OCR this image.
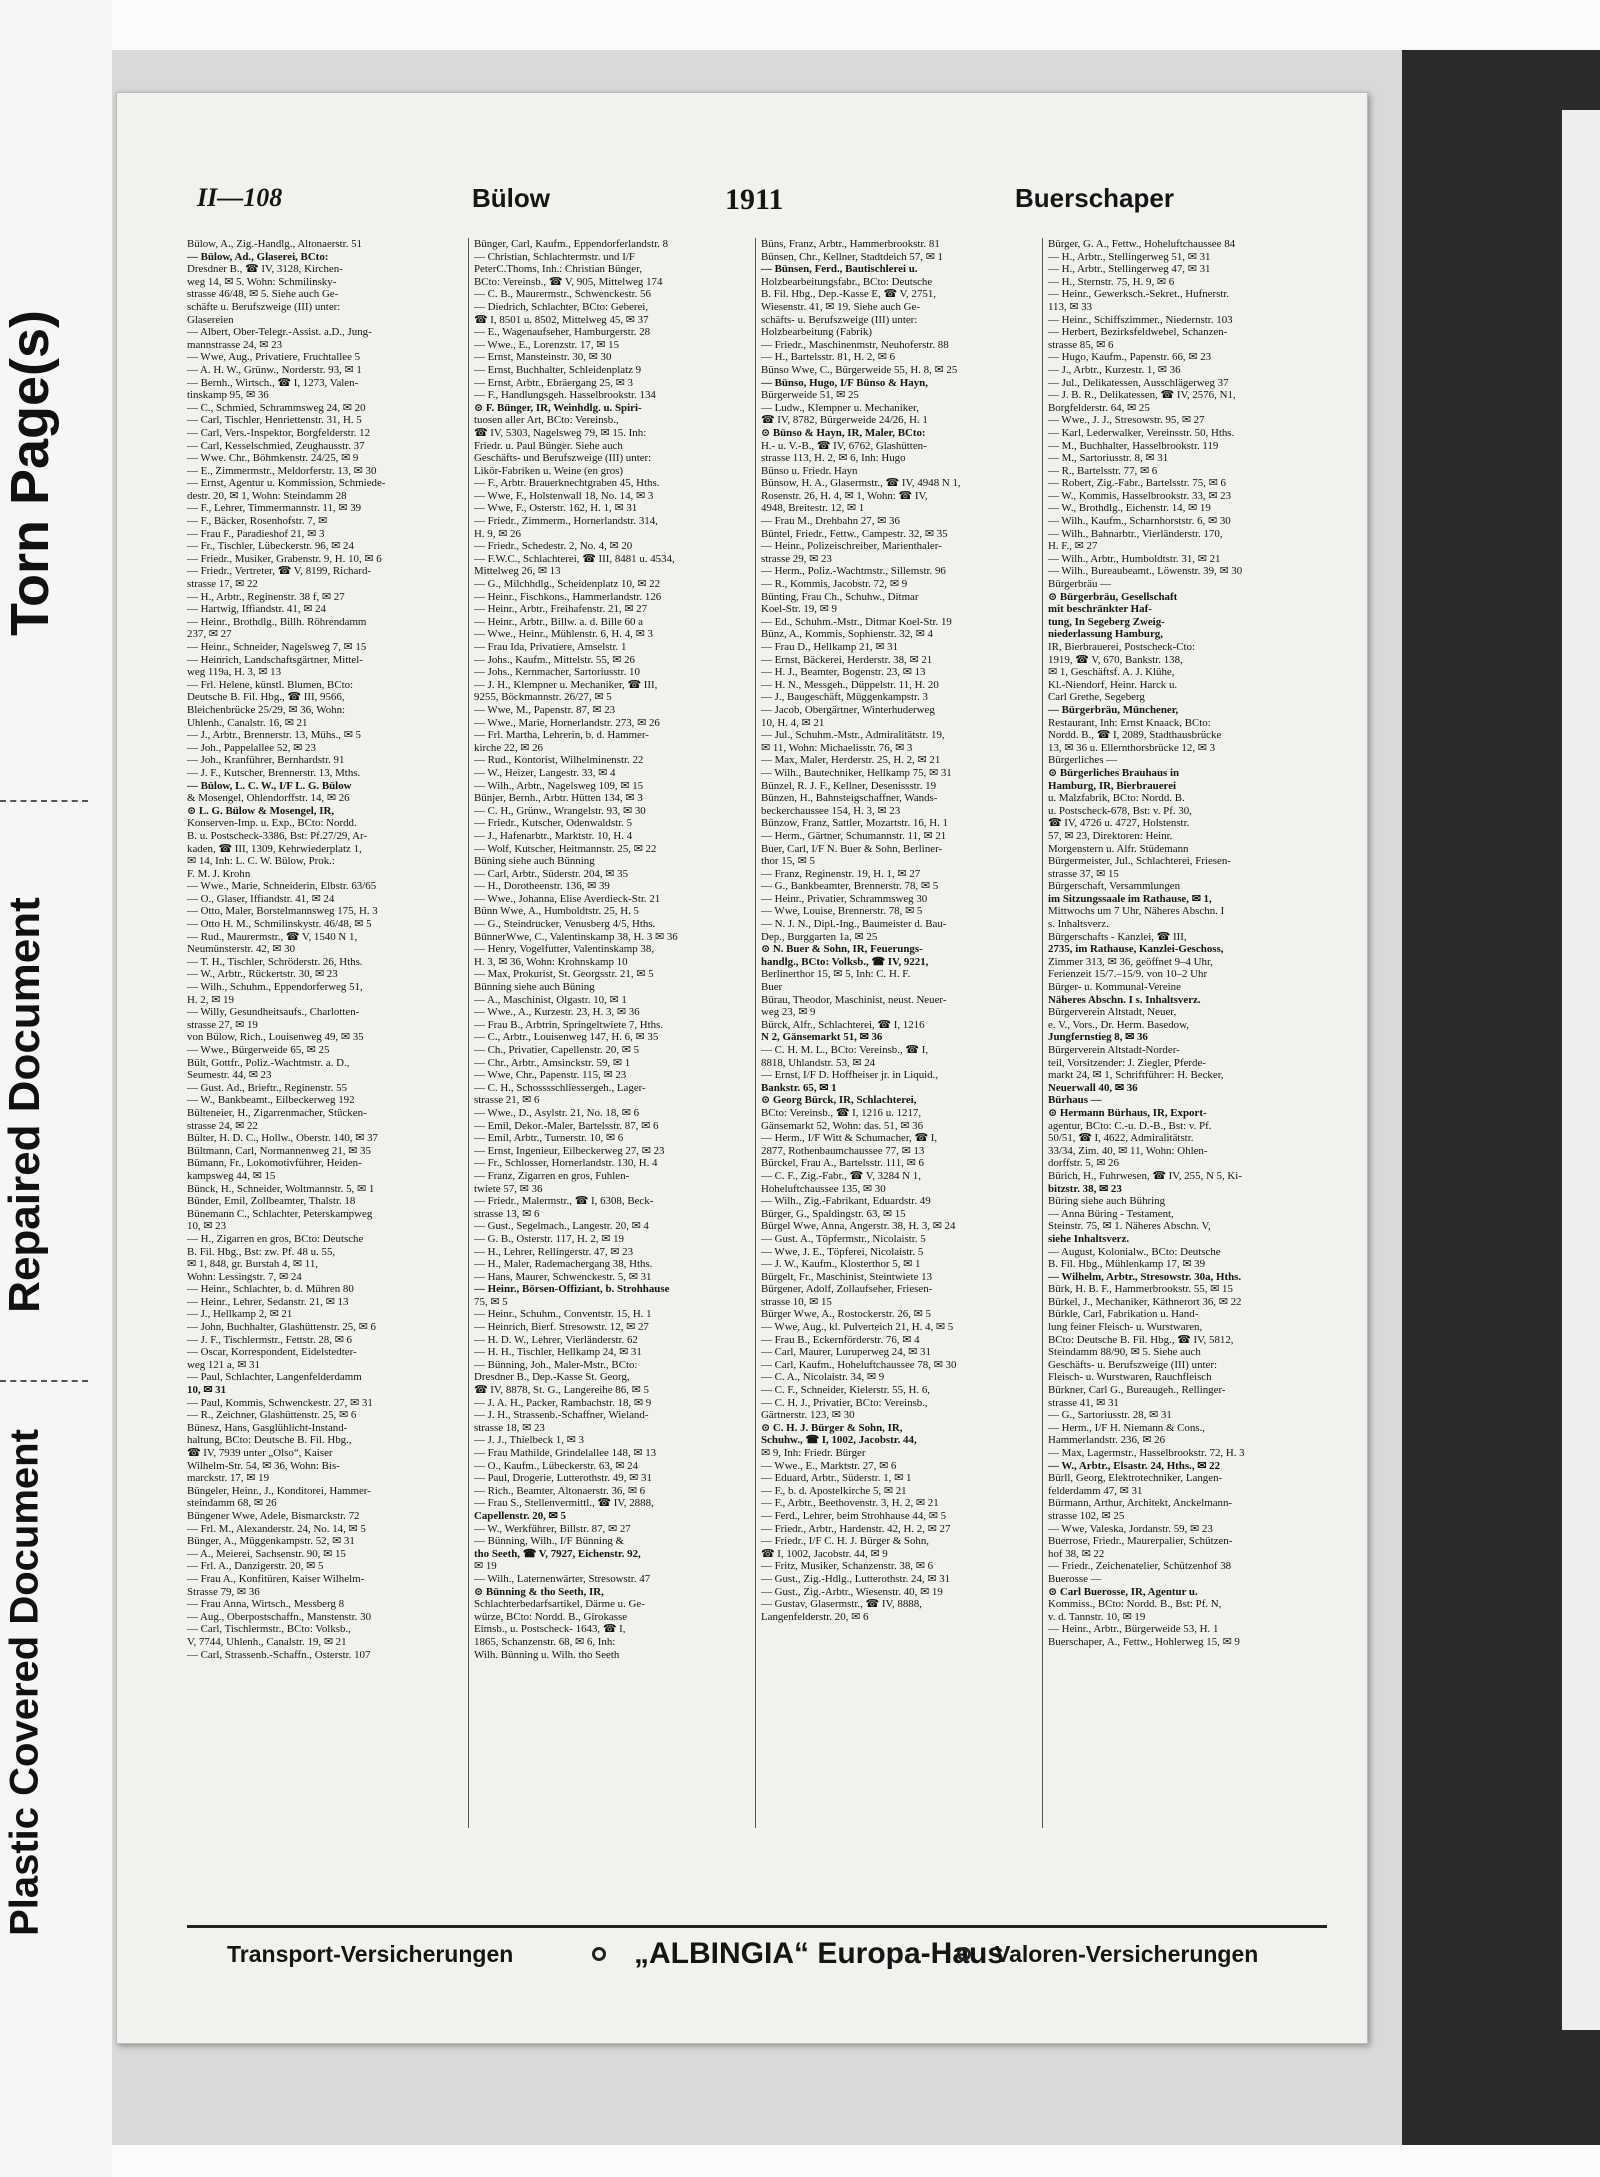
Torn Page(s)
Repaired Document
Plastic Covered Document
II—108	Bülow	1911	Buerschaper

Bülow, A., Zig.-Handlg., Altonaerstr. 51

— Bülow, Ad., Glaserei, BCto:

Dresdner B., ☎ IV, 3128, Kirchen-

weg 14, ✉ 5. Wohn: Schmilinsky-

strasse 46/48, ✉ 5. Siehe auch Ge-

schäfte u. Berufszweige (III) unter:

Glasereien

— Albert, Ober-Telegr.-Assist. a.D., Jung-

mannstrasse 24, ✉ 23

— Wwe, Aug., Privatiere, Fruchtallee 5

— A. H. W., Grünw., Norderstr. 93, ✉ 1

— Bernh., Wirtsch., ☎ I, 1273, Valen-

tinskamp 95, ✉ 36

— C., Schmied, Schrammsweg 24, ✉ 20

— Carl, Tischler, Henriettenstr. 31, H. 5

— Carl, Vers.-Inspektor, Borgfelderstr. 12

— Carl, Kesselschmied, Zeughausstr. 37

— Wwe. Chr., Böhmkenstr. 24/25, ✉ 9

— E., Zimmermstr., Meldorferstr. 13, ✉ 30

— Ernst, Agentur u. Kommission, Schmiede-

destr. 20, ✉ 1, Wohn: Steindamm 28

— F., Lehrer, Timmermannstr. 11, ✉ 39

— F., Bäcker, Rosenhofstr. 7, ✉

— Frau F., Paradieshof 21, ✉ 3

— Fr., Tischler, Lübeckerstr. 96, ✉ 24

— Friedr., Musiker, Grabenstr. 9, H. 10, ✉ 6

— Friedr., Vertreter, ☎ V, 8199, Richard-

strasse 17, ✉ 22

— H., Arbtr., Reginenstr. 38 f, ✉ 27

— Hartwig, Iffiandstr. 41, ✉ 24

— Heinr., Brothdlg., Billh. Röhrendamm

237, ✉ 27

— Heinr., Schneider, Nagelsweg 7, ✉ 15

— Heinrich, Landschaftsgärtner, Mittel-

weg 119a, H. 3, ✉ 13

— Frl. Helene, künstl. Blumen, BCto:

Deutsche B. Fil. Hbg., ☎ III, 9566,

Bleichenbrücke 25/29, ✉ 36, Wohn:

Uhlenh., Canalstr. 16, ✉ 21

— J., Arbtr., Brennerstr. 13, Mühs., ✉ 5

— Joh., Pappelallee 52, ✉ 23

— Joh., Kranführer, Bernhardstr. 91

— J. F., Kutscher, Brennerstr. 13, Mths.

— Bülow, L. C. W., I/F L. G. Bülow

& Mosengel, Ohlendorffstr. 14, ✉ 26

⊙ L. G. Bülow & Mosengel, IR,

Konserven-Imp. u. Exp., BCto: Nordd.

B. u. Postscheck-3386, Bst: Pf.27/29, Ar-

kaden, ☎ III, 1309, Kehrwiederplatz 1,

✉ 14, Inh: L. C. W. Bülow, Prok.:

F. M. J. Krohn

— Wwe., Marie, Schneiderin, Elbstr. 63/65

— O., Glaser, Iffiandstr. 41, ✉ 24

— Otto, Maler, Borstelmannsweg 175, H. 3

— Otto H. M., Schmilinskystr. 46/48, ✉ 5

— Rud., Maurermstr., ☎ V, 1540 N 1,

Neumünsterstr. 42, ✉ 30

— T. H., Tischler, Schröderstr. 26, Hths.

— W., Arbtr., Rückertstr. 30, ✉ 23

— Wilh., Schuhm., Eppendorferweg 51,

H. 2, ✉ 19

— Willy, Gesundheitsaufs., Charlotten-

strasse 27, ✉ 19

von Bülow, Rich., Louisenweg 49, ✉ 35

— Wwe., Bürgerweide 65, ✉ 25

Bült, Gottfr., Poliz.-Wachtmstr. a. D.,

Seumestr. 44, ✉ 23

— Gust. Ad., Brieftr., Reginenstr. 55

— W., Bankbeamt., Eilbeckerweg 192

Bülteneier, H., Zigarrenmacher, Stücken-

strasse 24, ✉ 22

Bülter, H. D. C., Hollw., Oberstr. 140, ✉ 37

Bültmann, Carl, Normannenweg 21, ✉ 35

Bümann, Fr., Lokomotivführer, Heiden-

kampsweg 44, ✉ 15

Bünck, H., Schneider, Woltmannstr. 5, ✉ 1

Bünder, Emil, Zollbeamter, Thalstr. 18

Bünemann C., Schlachter, Peterskampweg

10, ✉ 23

— H., Zigarren en gros, BCto: Deutsche

B. Fil. Hbg., Bst: zw. Pf. 48 u. 55,

✉ 1, 848, gr. Burstah 4, ✉ 11,

Wohn: Lessingstr. 7, ✉ 24

— Heinr., Schlachter, b. d. Mühren 80

— Heinr., Lehrer, Sedanstr. 21, ✉ 13

— J., Hellkamp 2, ✉ 21

— John, Buchhalter, Glashüttenstr. 25, ✉ 6

— J. F., Tischlermstr., Fettstr. 28, ✉ 6

— Oscar, Korrespondent, Eidelstedter-

weg 121 a, ✉ 31

— Paul, Schlachter, Langenfelderdamm

10, ✉ 31

— Paul, Kommis, Schwenckestr. 27, ✉ 31

— R., Zeichner, Glashüttenstr. 25, ✉ 6

Bünesz, Hans, Gasglühlicht-Instand-

haltung, BCto: Deutsche B. Fil. Hbg.,

☎ IV, 7939 unter „Olso“, Kaiser

Wilhelm-Str. 54, ✉ 36, Wohn: Bis-

marckstr. 17, ✉ 19

Büngeler, Heinr., J., Konditorei, Hammer-

steindamm 68, ✉ 26

Büngener Wwe, Adele, Bismarckstr. 72

— Frl. M., Alexanderstr. 24, No. 14, ✉ 5

Bünger, A., Müggenkampstr. 52, ✉ 31

— A., Meierei, Sachsenstr. 90, ✉ 15

— Frl. A., Danzigerstr. 20, ✉ 5

— Frau A., Konfitüren, Kaiser Wilhelm-

Strasse 79, ✉ 36

— Frau Anna, Wirtsch., Messberg 8

— Aug., Oberpostschaffn., Manstenstr. 30

— Carl, Tischlermstr., BCto: Volksb.,

V, 7744, Uhlenh., Canalstr. 19, ✉ 21

— Carl, Strassenb.-Schaffn., Osterstr. 107

Bünger, Carl, Kaufm., Eppendorferlandstr. 8

— Christian, Schlachtermstr. und I/F

PeterC.Thoms, Inh.: Christian Bünger,

BCto: Vereinsb., ☎ V, 905, Mittelweg 174

— C. B., Maurermstr., Schwenckestr. 56

— Diedrich, Schlachter, BCto: Geberei,

☎ I, 8501 u. 8502, Mittelweg 45, ✉ 37

— E., Wagenaufseher, Hamburgerstr. 28

— Wwe., E., Lorenzstr. 17, ✉ 15

— Ernst, Mansteinstr. 30, ✉ 30

— Ernst, Buchhalter, Schleidenplatz 9

— Ernst, Arbtr., Ebräergang 25, ✉ 3

— F., Handlungsgeh. Hasselbrookstr. 134

⊙ F. Bünger, IR, Weinhdlg. u. Spiri-

tuosen aller Art, BCto: Vereinsb.,

☎ IV, 5303, Nagelsweg 79, ✉ 15. Inh:

Friedr. u. Paul Bünger. Siehe auch

Geschäfts- und Berufszweige (III) unter:

Likör-Fabriken u. Weine (en gros)

— F., Arbtr. Brauerknechtgraben 45, Hths.

— Wwe, F., Holstenwall 18, No. 14, ✉ 3

— Wwe, F., Osterstr. 162, H. 1, ✉ 31

— Friedr., Zimmerm., Hornerlandstr. 314,

H. 9, ✉ 26

— Friedr., Schedestr. 2, No. 4, ✉ 20

— F.W.C., Schlachterei, ☎ III, 8481 u. 4534,

Mittelweg 26, ✉ 13

— G., Milchhdlg., Scheidenplatz 10, ✉ 22

— Heinr., Fischkons., Hammerlandstr. 126

— Heinr., Arbtr., Freihafenstr. 21, ✉ 27

— Heinr., Arbtr., Billw. a. d. Bille 60 a

— Wwe., Heinr., Mühlenstr. 6, H. 4, ✉ 3

— Frau Ida, Privatiere, Amselstr. 1

— Johs., Kaufm., Mittelstr. 55, ✉ 26

— Johs., Kernmacher, Sartoriusstr. 10

— J. H., Klempner u. Mechaniker, ☎ III,

9255, Böckmannstr. 26/27, ✉ 5

— Wwe, M., Papenstr. 87, ✉ 23

— Wwe., Marie, Hornerlandstr. 273, ✉ 26

— Frl. Martha, Lehrerin, b. d. Hammer-

kirche 22, ✉ 26

— Rud., Kontorist, Wilhelminenstr. 22

— W., Heizer, Langestr. 33, ✉ 4

— Wilh., Arbtr., Nagelsweg 109, ✉ 15

Bünjer, Bernh., Arbtr. Hütten 134, ✉ 3

— C. H., Grünw., Wrangelstr. 93, ✉ 30

— Friedr., Kutscher, Odenwaldstr. 5

— J., Hafenarbtr., Marktstr. 10, H. 4

— Wolf, Kutscher, Heitmannstr. 25, ✉ 22

Büning siehe auch Bünning

— Carl, Arbtr., Süderstr. 204, ✉ 35

— H., Dorotheenstr. 136, ✉ 39

— Wwe., Johanna, Elise Averdieck-Str. 21

Bünn Wwe, A., Humboldtstr. 25, H. 5

— G., Steindrucker, Venusberg 4/5, Hths.

BünnerWwe, C., Valentinskamp 38, H. 3 ✉ 36

— Henry, Vogelfutter, Valentinskamp 38,

H. 3, ✉ 36, Wohn: Krohnskamp 10

— Max, Prokurist, St. Georgsstr. 21, ✉ 5

Bünning siehe auch Büning

— A., Maschinist, Olgastr. 10, ✉ 1

— Wwe., A., Kurzestr. 23, H. 3, ✉ 36

— Frau B., Arbtrin, Springeltwiete 7, Hths.

— C., Arbtr., Louisenweg 147, H. 6, ✉ 35

— Ch., Privatier, Capellenstr. 20, ✉ 5

— Chr., Arbtr., Amsinckstr. 59, ✉ 1

— Wwe, Chr., Papenstr. 115, ✉ 23

— C. H., Schosssschliessergeh., Lager-

strasse 21, ✉ 6

— Wwe., D., Asylstr. 21, No. 18, ✉ 6

— Emil, Dekor.-Maler, Bartelsstr. 87, ✉ 6

— Emil, Arbtr., Turnerstr. 10, ✉ 6

— Ernst, Ingenieur, Eilbeckerweg 27, ✉ 23

— Fr., Schlosser, Hornerlandstr. 130, H. 4

— Franz, Zigarren en gros, Fuhlen-

twiete 57, ✉ 36

— Friedr., Malermstr., ☎ I, 6308, Beck-

strasse 13, ✉ 6

— Gust., Segelmach., Langestr. 20, ✉ 4

— G. B., Osterstr. 117, H. 2, ✉ 19

— H., Lehrer, Rellingerstr. 47, ✉ 23

— H., Maler, Rademachergang 38, Hths.

— Hans, Maurer, Schwenckestr. 5, ✉ 31

— Heinr., Börsen-Offiziant, b. Strohhause

75, ✉ 5

— Heinr., Schuhm., Conventstr. 15, H. 1

— Heinrich, Bierf. Stresowstr. 12, ✉ 27

— H. D. W., Lehrer, Vierländerstr. 62

— H. H., Tischler, Hellkamp 24, ✉ 31

— Bünning, Joh., Maler-Mstr., BCto:

Dresdner B., Dep.-Kasse St. Georg,

☎ IV, 8878, St. G., Langereihe 86, ✉ 5

— J. A. H., Packer, Rambachstr. 18, ✉ 9

— J. H., Strassenb.-Schaffner, Wieland-

strasse 18, ✉ 23

— J. J., Thielbeck 1, ✉ 3

— Frau Mathilde, Grindelallee 148, ✉ 13

— O., Kaufm., Lübeckerstr. 63, ✉ 24

— Paul, Drogerie, Lutterothstr. 49, ✉ 31

— Rich., Beamter, Altonaerstr. 36, ✉ 6

— Frau S., Stellenvermittl., ☎ IV, 2888,

Capellenstr. 20, ✉ 5

— W., Werkführer, Billstr. 87, ✉ 27

— Bünning, Wilh., I/F Bünning &

tho Seeth, ☎ V, 7927, Eichenstr. 92,

✉ 19

— Wilh., Laternenwärter, Stresowstr. 47

⊙ Bünning & tho Seeth, IR,

Schlachterbedarfsartikel, Därme u. Ge-

würze, BCto: Nordd. B., Girokasse

Eimsb., u. Postscheck- 1643, ☎ I,

1865, Schanzenstr. 68, ✉ 6, Inh:

Wilh. Bünning u. Wilh. tho Seeth

Büns, Franz, Arbtr., Hammerbrookstr. 81

Bünsen, Chr., Kellner, Stadtdeich 57, ✉ 1

— Bünsen, Ferd., Bautischlerei u.

Holzbearbeitungsfabr., BCto: Deutsche

B. Fil. Hbg., Dep.-Kasse E, ☎ V, 2751,

Wiesenstr. 41, ✉ 19. Siehe auch Ge-

schäfts- u. Berufszweige (III) unter:

Holzbearbeitung (Fabrik)

— Friedr., Maschinenmstr, Neuhoferstr. 88

— H., Bartelsstr. 81, H. 2, ✉ 6

Bünso Wwe, C., Bürgerweide 55, H. 8, ✉ 25

— Bünso, Hugo, I/F Bünso & Hayn,

Bürgerweide 51, ✉ 25

— Ludw., Klempner u. Mechaniker,

☎ IV, 8782, Bürgerweide 24/26, H. 1

⊙ Bünso & Hayn, IR, Maler, BCto:

H.- u. V.-B., ☎ IV, 6762, Glashütten-

strasse 113, H. 2, ✉ 6, Inh: Hugo

Bünso u. Friedr. Hayn

Bünsow, H. A., Glasermstr., ☎ IV, 4948 N 1,

Rosenstr. 26, H. 4, ✉ 1, Wohn: ☎ IV,

4948, Breitestr. 12, ✉ 1

— Frau M., Drehbahn 27, ✉ 36

Büntel, Friedr., Fettw., Campestr. 32, ✉ 35

— Heinr., Polizeischreiber, Marienthaler-

strasse 29, ✉ 23

— Herm., Poliz.-Wachtmstr., Sillemstr. 96

— R., Kommis, Jacobstr. 72, ✉ 9

Bünting, Frau Ch., Schuhw., Ditmar

Koel-Str. 19, ✉ 9

— Ed., Schuhm.-Mstr., Ditmar Koel-Str. 19

Bünz, A., Kommis, Sophienstr. 32, ✉ 4

— Frau D., Hellkamp 21, ✉ 31

— Ernst, Bäckerei, Herderstr. 38, ✉ 21

— H. J., Beamter, Bogenstr. 23, ✉ 13

— H. N., Messgeh., Düppelstr. 11, H. 20

— J., Baugeschäft, Müggenkampstr. 3

— Jacob, Obergärtner, Winterhuderweg

10, H. 4, ✉ 21

— Jul., Schuhm.-Mstr., Admiralitätstr. 19,

✉ 11, Wohn: Michaelisstr. 76, ✉ 3

— Max, Maler, Herderstr. 25, H. 2, ✉ 21

— Wilh., Bautechniker, Hellkamp 75, ✉ 31

Bünzel, R. J. F., Kellner, Desenissstr. 19

Bünzen, H., Bahnsteigschaffner, Wands-

beckerchaussee 154, H. 3, ✉ 23

Bünzow, Franz, Sattler, Mozartstr. 16, H. 1

— Herm., Gärtner, Schumannstr. 11, ✉ 21

Buer, Carl, I/F N. Buer & Sohn, Berliner-

thor 15, ✉ 5

— Franz, Reginenstr. 19, H. 1, ✉ 27

— G., Bankbeamter, Brennerstr. 78, ✉ 5

— Heinr., Privatier, Schrammsweg 30

— Wwe, Louise, Brennerstr. 78, ✉ 5

— N. J. N., Dipl.-Ing., Baumeister d. Bau-

Dep., Burggarten 1a, ✉ 25

⊙ N. Buer & Sohn, IR, Feuerungs-

handlg., BCto: Volksb., ☎ IV, 9221,

Berlinerthor 15, ✉ 5, Inh: C. H. F.

Buer

Bürau, Theodor, Maschinist, neust. Neuer-

weg 23, ✉ 9

Bürck, Alfr., Schlachterei, ☎ I, 1216

N 2, Gänsemarkt 51, ✉ 36

— C. H. M. L., BCto: Vereinsb., ☎ I,

8818, Uhlandstr. 53, ✉ 24

— Ernst, I/F D. Hoffheiser jr. in Liquid.,

Bankstr. 65, ✉ 1

⊙ Georg Bürck, IR, Schlachterei,

BCto: Vereinsb., ☎ I, 1216 u. 1217,

Gänsemarkt 52, Wohn: das. 51, ✉ 36

— Herm., I/F Witt & Schumacher, ☎ I,

2877, Rothenbaumchaussee 77, ✉ 13

Bürckel, Frau A., Bartelsstr. 111, ✉ 6

— C. F., Zig.-Fabr., ☎ V, 3284 N 1,

Hoheluftchaussee 135, ✉ 30

— Wilh., Zig.-Fabrikant, Eduardstr. 49

Bürger, G., Spaldingstr. 63, ✉ 15

Bürgel Wwe, Anna, Angerstr. 38, H. 3, ✉ 24

— Gust. A., Töpfermstr., Nicolaistr. 5

— Wwe, J. E., Töpferei, Nicolaistr. 5

— J. W., Kaufm., Klosterthor 5, ✉ 1

Bürgelt, Fr., Maschinist, Steintwiete 13

Bürgener, Adolf, Zollaufseher, Friesen-

strasse 10, ✉ 15

Bürger Wwe, A., Rostockerstr. 26, ✉ 5

— Wwe, Aug., kl. Pulverteich 21, H. 4, ✉ 5

— Frau B., Eckernförderstr. 76, ✉ 4

— Carl, Maurer, Luruperweg 24, ✉ 31

— Carl, Kaufm., Hoheluftchaussee 78, ✉ 30

— C. A., Nicolaistr. 34, ✉ 9

— C. F., Schneider, Kielerstr. 55, H. 6,

— C. H. J., Privatier, BCto: Vereinsb.,

Gärtnerstr. 123, ✉ 30

⊙ C. H. J. Bürger & Sohn, IR,

Schuhw., ☎ I, 1002, Jacobstr. 44,

✉ 9, Inh: Friedr. Bürger

— Wwe., E., Marktstr. 27, ✉ 6

— Eduard, Arbtr., Süderstr. 1, ✉ 1

— F., b. d. Apostelkirche 5, ✉ 21

— F., Arbtr., Beethovenstr. 3, H. 2, ✉ 21

— Ferd., Lehrer, beim Strohhause 44, ✉ 5

— Friedr., Arbtr., Hardenstr. 42, H. 2, ✉ 27

— Friedr., I/F C. H. J. Bürger & Sohn,

☎ I, 1002, Jacobstr. 44, ✉ 9

— Fritz, Musiker, Schanzenstr. 38, ✉ 6

— Gust., Zig.-Hdlg., Lutterothstr. 24, ✉ 31

— Gust., Zig.-Arbtr., Wiesenstr. 40, ✉ 19

— Gustav, Glasermstr., ☎ IV, 8888,

Langenfelderstr. 20, ✉ 6

Bürger, G. A., Fettw., Hoheluftchaussee 84

— H., Arbtr., Stellingerweg 51, ✉ 31

— H., Arbtr., Stellingerweg 47, ✉ 31

— H., Sternstr. 75, H. 9, ✉ 6

— Heinr., Gewerksch.-Sekret., Hufnerstr.

113, ✉ 33

— Heinr., Schiffszimmer., Niedernstr. 103

— Herbert, Bezirksfeldwebel, Schanzen-

strasse 85, ✉ 6

— Hugo, Kaufm., Papenstr. 66, ✉ 23

— J., Arbtr., Kurzestr. 1, ✉ 36

— Jul., Delikatessen, Ausschlägerweg 37

— J. B. R., Delikatessen, ☎ IV, 2576, N1,

Borgfelderstr. 64, ✉ 25

— Wwe., J. J., Stresowstr. 95, ✉ 27

— Karl, Lederwalker, Vereinsstr. 50, Hths.

— M., Buchhalter, Hasselbrookstr. 119

— M., Sartoriusstr. 8, ✉ 31

— R., Bartelsstr. 77, ✉ 6

— Robert, Zig.-Fabr., Bartelsstr. 75, ✉ 6

— W., Kommis, Hasselbrookstr. 33, ✉ 23

— W., Brothdlg., Eichenstr. 14, ✉ 19

— Wilh., Kaufm., Scharnhorststr. 6, ✉ 30

— Wilh., Bahnarbtr., Vierländerstr. 170,

H. F., ✉ 27

— Wilh., Arbtr., Humboldtstr. 31, ✉ 21

— Wilh., Bureaubeamt., Löwenstr. 39, ✉ 30

Bürgerbräu —

⊙ Bürgerbräu, Gesellschaft

mit beschränkter Haf-

tung, In Segeberg Zweig-

niederlassung Hamburg,

IR, Bierbrauerei, Postscheck-Cto:

1919, ☎ V, 670, Bankstr. 138,

✉ 1, Geschäftsf. A. J. Klühe,

Kl.-Niendorf, Heinr. Harck u.

Carl Grethe, Segeberg

— Bürgerbräu, Münchener,

Restaurant, Inh: Ernst Knaack, BCto:

Nordd. B., ☎ I, 2089, Stadthausbrücke

13, ✉ 36 u. Ellernthorsbrücke 12, ✉ 3

Bürgerliches —

⊙ Bürgerliches Brauhaus in

Hamburg, IR, Bierbrauerei

u. Malzfabrik, BCto: Nordd. B.

u. Postscheck-678, Bst: v. Pf. 30,

☎ IV, 4726 u. 4727, Holstenstr.

57, ✉ 23, Direktoren: Heinr.

Morgenstern u. Alfr. Stüdemann

Bürgermeister, Jul., Schlachterei, Friesen-

strasse 37, ✉ 15

Bürgerschaft, Versammlungen

im Sitzungssaale im Rathause, ✉ 1,

Mittwochs um 7 Uhr, Näheres Abschn. I

s. Inhaltsverz.

Bürgerschafts - Kanzlei, ☎ III,

2735, im Rathause, Kanzlei-Geschoss,

Zimmer 313, ✉ 36, geöffnet 9–4 Uhr,

Ferienzeit 15/7.–15/9. von 10–2 Uhr

Bürger- u. Kommunal-Vereine

Näheres Abschn. I s. Inhaltsverz.

Bürgerverein Altstadt, Neuer,

e. V., Vors., Dr. Herm. Basedow,

Jungfernstieg 8, ✉ 36

Bürgerverein Altstadt-Norder-

teil, Vorsitzender: J. Ziegler, Pferde-

markt 24, ✉ 1, Schriftführer: H. Becker,

Neuerwall 40, ✉ 36

Bürhaus —

⊙ Hermann Bürhaus, IR, Export-

agentur, BCto: C.-u. D.-B., Bst: v. Pf.

50/51, ☎ I, 4622, Admiralitätstr.

33/34, Zim. 40, ✉ 11, Wohn: Ohlen-

dorffstr. 5, ✉ 26

Bürich, H., Fuhrwesen, ☎ IV, 255, N 5, Ki-

bitzstr. 38, ✉ 23

Büring siehe auch Bühring

— Anna Büring - Testament,

Steinstr. 75, ✉ 1. Näheres Abschn. V,

siehe Inhaltsverz.

— August, Kolonialw., BCto: Deutsche

B. Fil. Hbg., Mühlenkamp 17, ✉ 39

— Wilhelm, Arbtr., Stresowstr. 30a, Hths.

Bürk, H. B. F., Hammerbrookstr. 55, ✉ 15

Bürkel, J., Mechaniker, Käthnerort 36, ✉ 22

Bürkle, Carl, Fabrikation u. Hand-

lung feiner Fleisch- u. Wurstwaren,

BCto: Deutsche B. Fil. Hbg., ☎ IV, 5812,

Steindamm 88/90, ✉ 5. Siehe auch

Geschäfts- u. Berufszweige (III) unter:

Fleisch- u. Wurstwaren, Rauchfleisch

Bürkner, Carl G., Bureaugeh., Rellinger-

strasse 41, ✉ 31

— G., Sartoriusstr. 28, ✉ 31

— Herm., I/F H. Niemann & Cons.,

Hammerlandstr. 236, ✉ 26

— Max, Lagermstr., Hasselbrookstr. 72, H. 3

— W., Arbtr., Elsastr. 24, Hths., ✉ 22

Bürll, Georg, Elektrotechniker, Langen-

felderdamm 47, ✉ 31

Bürmann, Arthur, Architekt, Anckelmann-

strasse 102, ✉ 25

— Wwe, Valeska, Jordanstr. 59, ✉ 23

Buerrose, Friedr., Maurerpalier, Schützen-

hof 38, ✉ 22

— Friedr., Zeichenatelier, Schützenhof 38

Buerosse —

⊙ Carl Buerosse, IR, Agentur u.

Kommiss., BCto: Nordd. B., Bst: Pf. N,

v. d. Tannstr. 10, ✉ 19

— Heinr., Arbtr., Bürgerweide 53, H. 1

Buerschaper, A., Fettw., Hohlerweg 15, ✉ 9

Transport-Versicherungen	„ALBINGIA“ Europa-Haus
Valoren-Versicherungen
